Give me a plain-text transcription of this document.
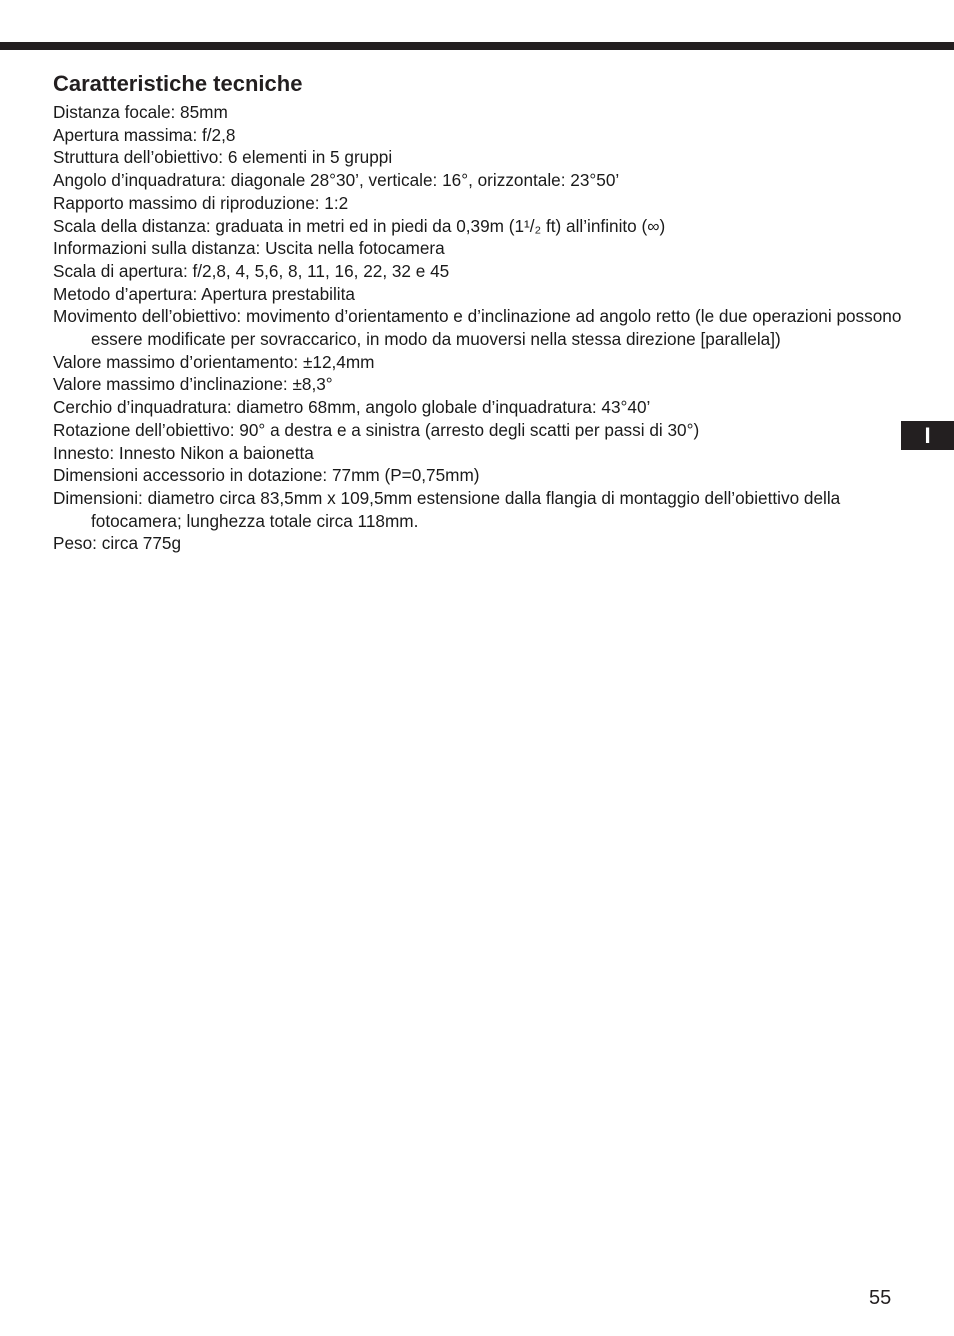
Caratteristiche tecniche
Distanza focale: 85mm
Apertura massima: f/2,8
Struttura dell’obiettivo: 6 elementi in 5 gruppi
Angolo d’inquadratura: diagonale 28°30’, verticale: 16°, orizzontale: 23°50’
Rapporto massimo di riproduzione: 1:2
Scala della distanza: graduata in metri ed in piedi da 0,39m (1¹/₂ ft) all’infinito (∞)
Informazioni sulla distanza: Uscita nella fotocamera
Scala di apertura: f/2,8, 4, 5,6, 8, 11, 16, 22, 32 e 45
Metodo d’apertura: Apertura prestabilita
Movimento dell’obiettivo: movimento d’orientamento e d’inclinazione ad angolo retto (le due operazioni possono essere modificate per sovraccarico, in modo da muoversi nella stessa direzione [parallela])
Valore massimo d’orientamento: ±12,4mm
Valore massimo d’inclinazione: ±8,3°
Cerchio d’inquadratura: diametro 68mm, angolo globale d’inquadratura: 43°40’
Rotazione dell’obiettivo: 90° a destra e a sinistra (arresto degli scatti per passi di 30°)
Innesto: Innesto Nikon a baionetta
Dimensioni accessorio in dotazione: 77mm (P=0,75mm)
Dimensioni: diametro circa 83,5mm x 109,5mm estensione dalla flangia di montaggio dell’obiettivo della fotocamera; lunghezza totale circa 118mm.
Peso: circa 775g
I
55
